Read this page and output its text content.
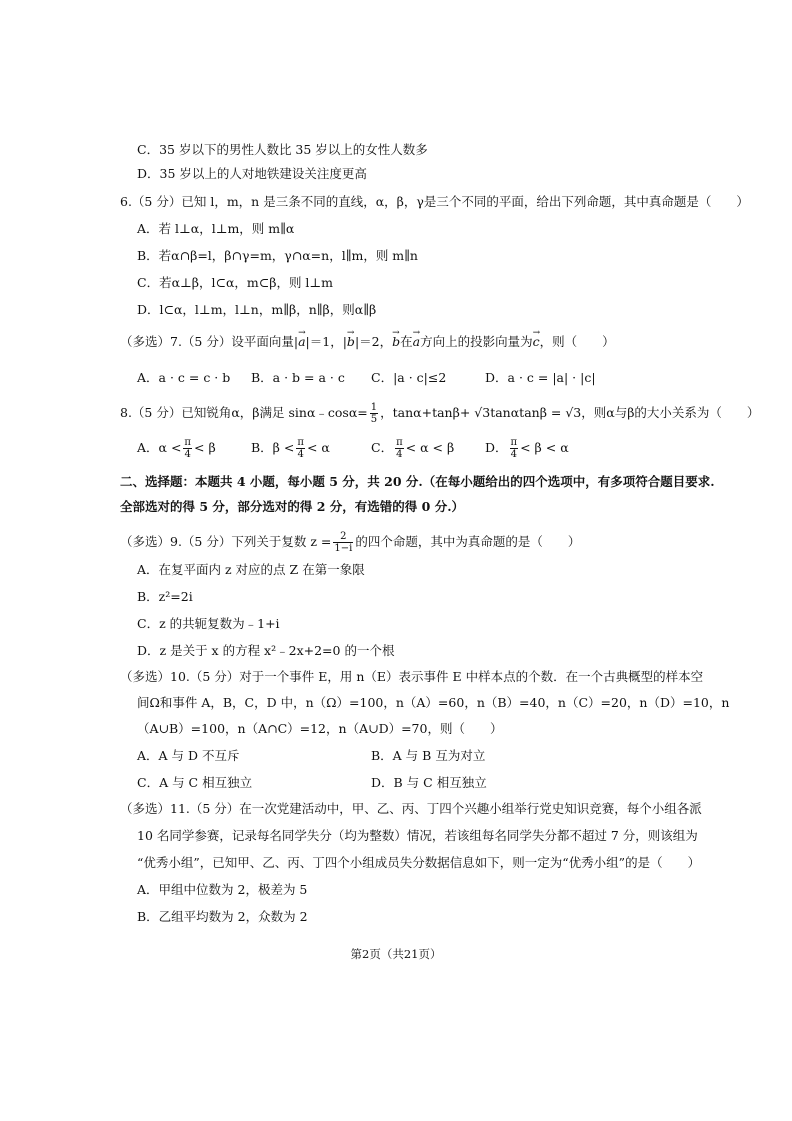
C．35 岁以下的男性人数比 35 岁以上的女性人数多
D．35 岁以上的人对地铁建设关注度更高
6.（5 分）已知 l，m，n 是三条不同的直线，α，β，γ是三个不同的平面，给出下列命题，其中真命题是（　　）
A．若 l⊥α，l⊥m，则 m∥α
B．若α∩β=l，β∩γ=m，γ∩α=n，l∥m，则 m∥n
C．若α⊥β，l⊂α，m⊂β，则 l⊥m
D．l⊂α，l⊥m，l⊥n，m∥β，n∥β，则α∥β
（多选）7.（5 分）设平面向量|→ a|＝1，|→ b|＝2，→ b在→ a方向上的投影向量为→ c，则（　　）
A．a · c = c · b B．a · b = a · c C．|a · c|≤2	D．a · c = |a| · |c|
8.（5 分）已知锐角α，β满足 sinα﹣cosα= $\frac{1}{5}$ ，tanα+tanβ+ √3tanαtanβ = √3，则α与β的大小关系为（　　）
A．$\alpha < \frac{\pi}{4} < \beta$	B．$\beta < \frac{\pi}{4} < \alpha$	C． $\frac{\pi}{4} < \alpha < \beta$ D． $\frac{\pi}{4} < \beta < \alpha$
二、选择题：本题共 4 小题，每小题 5 分，共 20 分.（在每小题给出的四个选项中，有多项符合题目要求.
全部选对的得 5 分，部分选对的得 2 分，有选错的得 0 分.）
（多选）9.（5 分）下列关于复数 $z = \frac{2}{1-i}$ 的四个命题，其中为真命题的是（　　）
A．在复平面内 z 对应的点 Z 在第一象限
B．z²=2i
C．z 的共轭复数为﹣1+i
D．z 是关于 x 的方程 x²﹣2x+2=0 的一个根
（多选）10.（5 分）对于一个事件 E，用 n（E）表示事件 E 中样本点的个数．在一个古典概型的样本空
间Ω和事件 A，B，C，D 中，n（Ω）=100，n（A）=60，n（B）=40，n（C）=20，n（D）=10，n
（A∪B）=100，n（A∩C）=12，n（A∪D）=70，则（　　）
A．A 与 D 不互斥	B．A 与 B 互为对立
C．A 与 C 相互独立	D．B 与 C 相互独立
（多选）11.（5 分）在一次党建活动中，甲、乙、丙、丁四个兴趣小组举行党史知识竞赛，每个小组各派
10 名同学参赛，记录每名同学失分（均为整数）情况，若该组每名同学失分都不超过 7 分，则该组为
“优秀小组”，已知甲、乙、丙、丁四个小组成员失分数据信息如下，则一定为“优秀小组”的是（　　）
A．甲组中位数为 2，极差为 5
B．乙组平均数为 2，众数为 2
第2页（共21页）
